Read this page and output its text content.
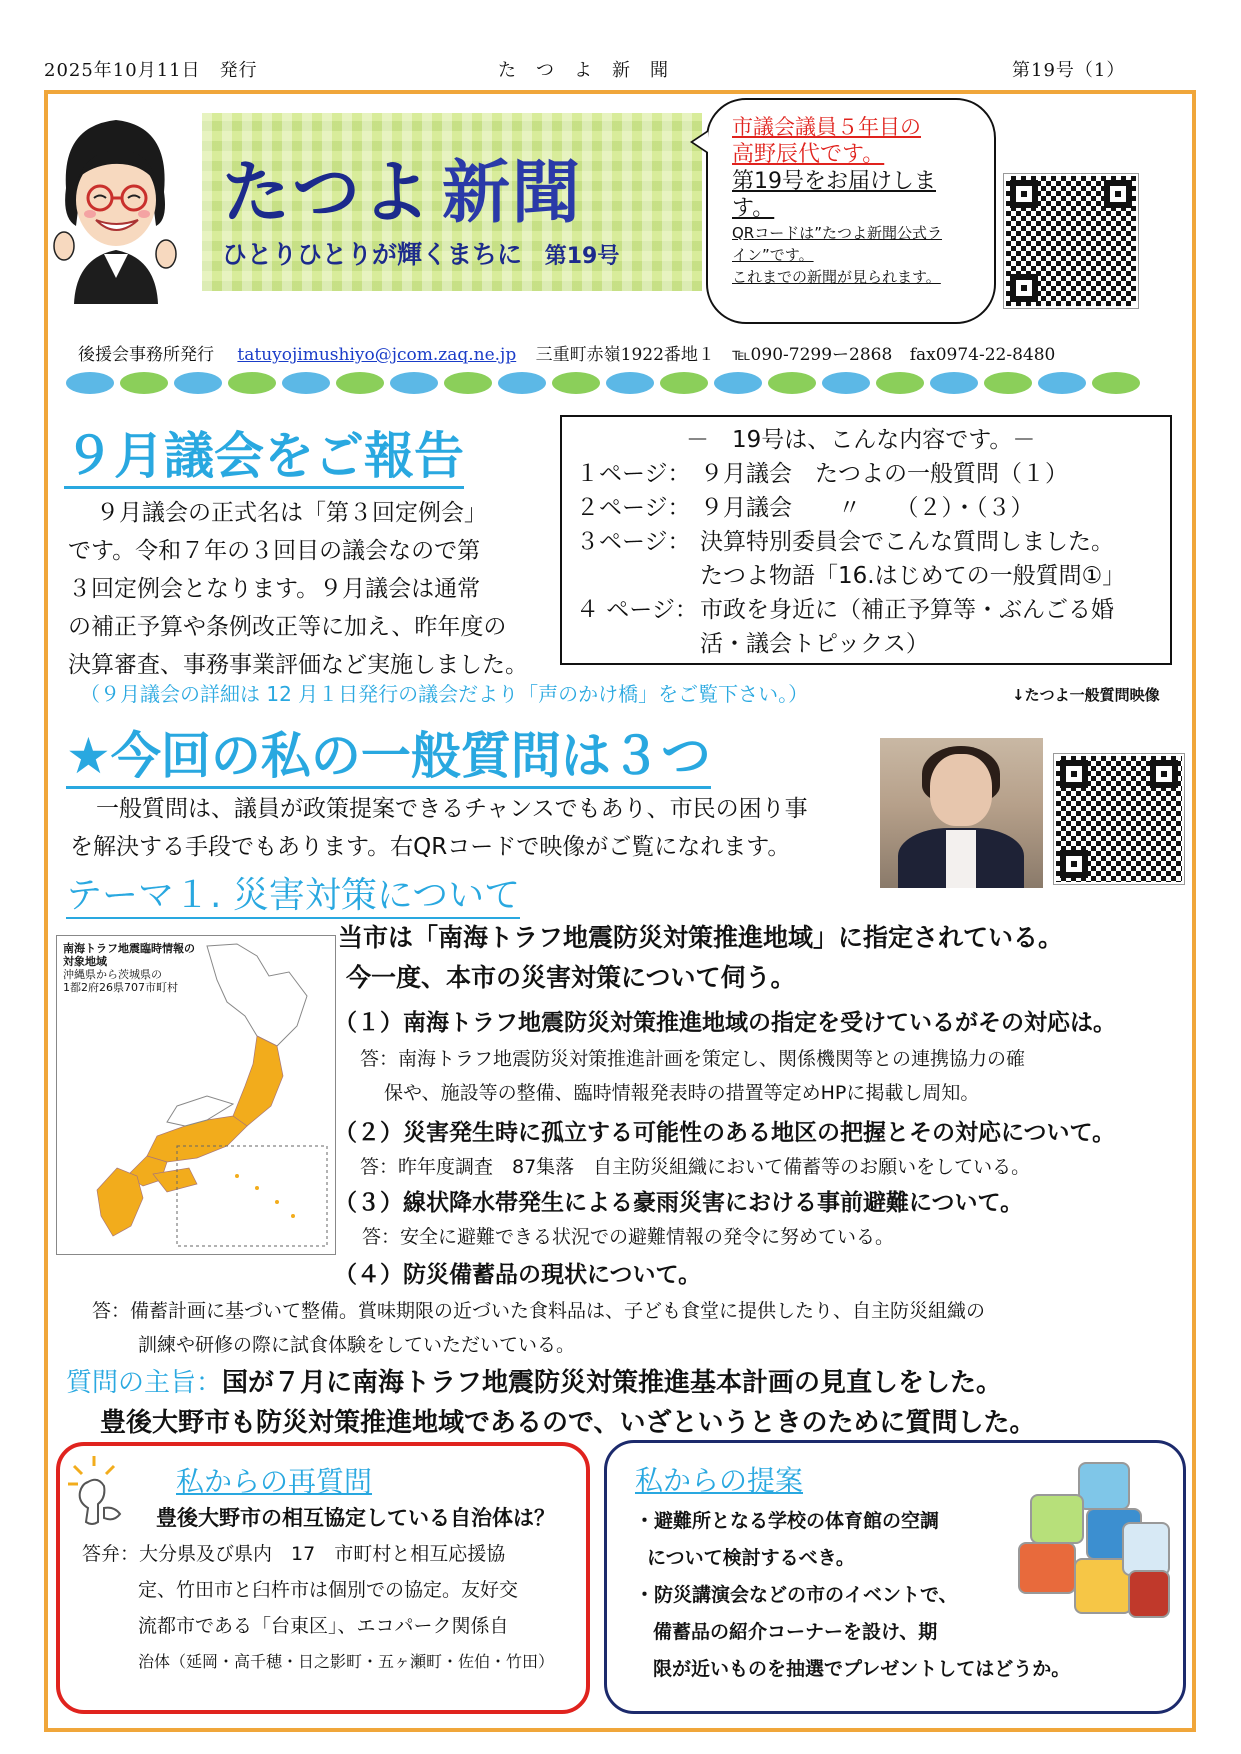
2025年10月11日　発行	た　つ　よ　新　聞	第19号（1）
たつよ 新聞
ひとりひとりが輝くまちに 第19号
市議会議員５年目の
高野辰代です。
第19号をお届けしま
す。
QRコードは”たつよ新聞公式ラ
イン”です。
これまでの新聞が見られます。
後援会事務所発行 tatuyojimushiyo@jcom.zaq.ne.jp 三重町赤嶺1922番地１ ℡090-7299ー2868 fax0974-22-8480
９月議会をご報告
９月議会の正式名は「第３回定例会」
です。令和７年の３回目の議会なので第
３回定例会となります。９月議会は通常
の補正予算や条例改正等に加え、昨年度の
決算審査、事務事業評価など実施しました。
－　19号は、こんな内容です。－
１ページ： ９月議会　たつよの一般質問（１）
２ページ： ９月議会　　〃　　（２）・（３）
３ページ： 決算特別委員会でこんな質問しました。
たつよ物語「16.はじめての一般質問①」
４ ページ： 市政を身近に（補正予算等・ぶんごる婚
活・議会トピックス）
（９月議会の詳細は 12 月１日発行の議会だより「声のかけ橋」をご覧下さい。）	↓たつよ一般質問映像
★今回の私の一般質問は３つ
一般質問は、議員が政策提案できるチャンスでもあり、市民の困り事
を解決する手段でもあります。右QRコードで映像がご覧になれます。
テーマ１. 災害対策について
南海トラフ地震臨時情報の
対象地域
沖縄県から茨城県の
1都2府26県707市町村
当市は「南海トラフ地震防災対策推進地域」に指定されている。
今一度、本市の災害対策について伺う。
（１）南海トラフ地震防災対策推進地域の指定を受けているがその対応は。
答：南海トラフ地震防災対策推進計画を策定し、関係機関等との連携協力の確
保や、施設等の整備、臨時情報発表時の措置等定めHPに掲載し周知。
（２）災害発生時に孤立する可能性のある地区の把握とその対応について。
答：昨年度調査　87集落　自主防災組織において備蓄等のお願いをしている。
（３）線状降水帯発生による豪雨災害における事前避難について。
答：安全に避難できる状況での避難情報の発令に努めている。
（４）防災備蓄品の現状について。
答：備蓄計画に基づいて整備。賞味期限の近づいた食料品は、子ども食堂に提供したり、自主防災組織の
訓練や研修の際に試食体験をしていただいている。
質問の主旨：国が７月に南海トラフ地震防災対策推進基本計画の見直しをした。
豊後大野市も防災対策推進地域であるので、いざというときのために質問した。
私からの再質問
豊後大野市の相互協定している自治体は？
答弁：大分県及び県内　17　市町村と相互応援協
定、竹田市と臼杵市は個別での協定。友好交
流都市である「台東区」、エコパーク関係自
治体（延岡・高千穂・日之影町・五ヶ瀬町・佐伯・竹田）
私からの提案
・避難所となる学校の体育館の空調
について検討するべき。
・防災講演会などの市のイベントで、
備蓄品の紹介コーナーを設け、期
限が近いものを抽選でプレゼントしてはどうか。
